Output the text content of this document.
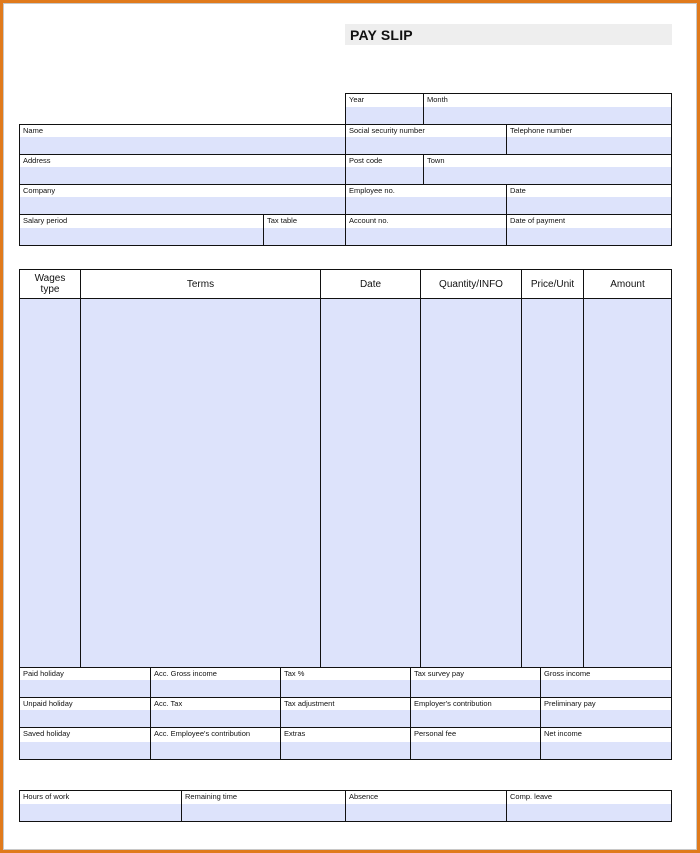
PAY SLIP
Year	Month
Name	Social security number	Telephone number
Address	Post code	Town
Company	Employee no.	Date
Salary period	Tax table	Account no.	Date of payment
Wages type	Terms	Date	Quantity/INFO	Price/Unit	Amount
Paid holiday	Acc. Gross income	Tax %	Tax survey pay	Gross income
Unpaid holiday	Acc. Tax	Tax adjustment	Employer's contribution	Preliminary pay
Saved holiday	Acc. Employee's contribution	Extras	Personal fee	Net income
Hours of work	Remaining time	Absence	Comp. leave
